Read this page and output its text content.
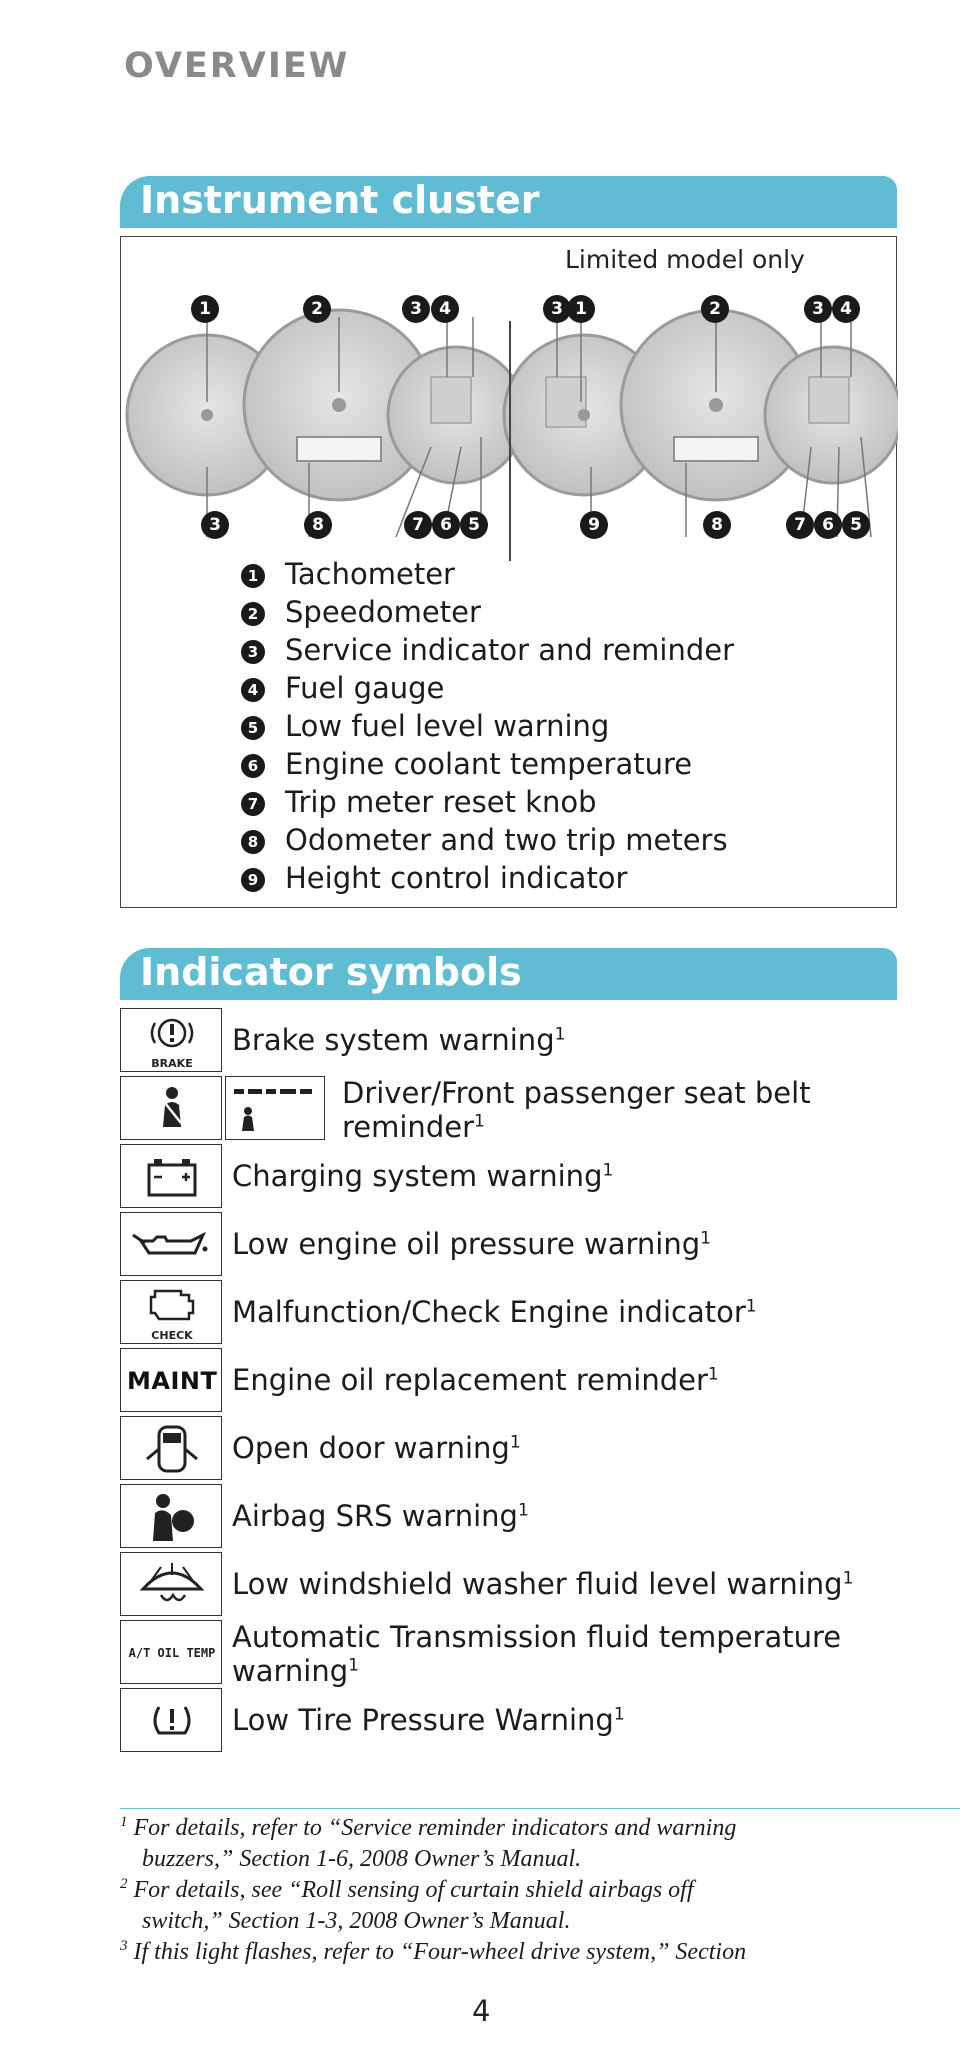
OVERVIEW
Instrument cluster
Limited model only
1	2	3	4	3 1	2	3 4
3	8	7 6 5	9	8	7 6 5
1 Tachometer
2 Speedometer
3 Service indicator and reminder
4 Fuel gauge
5 Low fuel level warning
6 Engine coolant temperature
7 Trip meter reset knob
8 Odometer and two trip meters
9 Height control indicator
Indicator symbols
BRAKE
Brake system warning$^1$
Driver/Front passenger seat belt
reminder$^1$
Charging system warning$^1$
Low engine oil pressure warning$^1$
CHECK
Malfunction/Check Engine indicator$^1$
MAINT Engine oil replacement reminder$^1$
Open door warning$^1$
Airbag SRS warning$^1$
Low windshield washer fluid level warning$^1$
A/T OIL TEMP Automatic Transmission fluid temperature
warning$^1$
Low Tire Pressure Warning$^1$
$^1$ For details, refer to “Service reminder indicators and warning
buzzers,” Section 1-6, 2008 Owner’s Manual.
$^2$ For details, see “Roll sensing of curtain shield airbags off
switch,” Section 1-3, 2008 Owner’s Manual.
$^3$ If this light flashes, refer to “Four-wheel drive system,” Section
4
